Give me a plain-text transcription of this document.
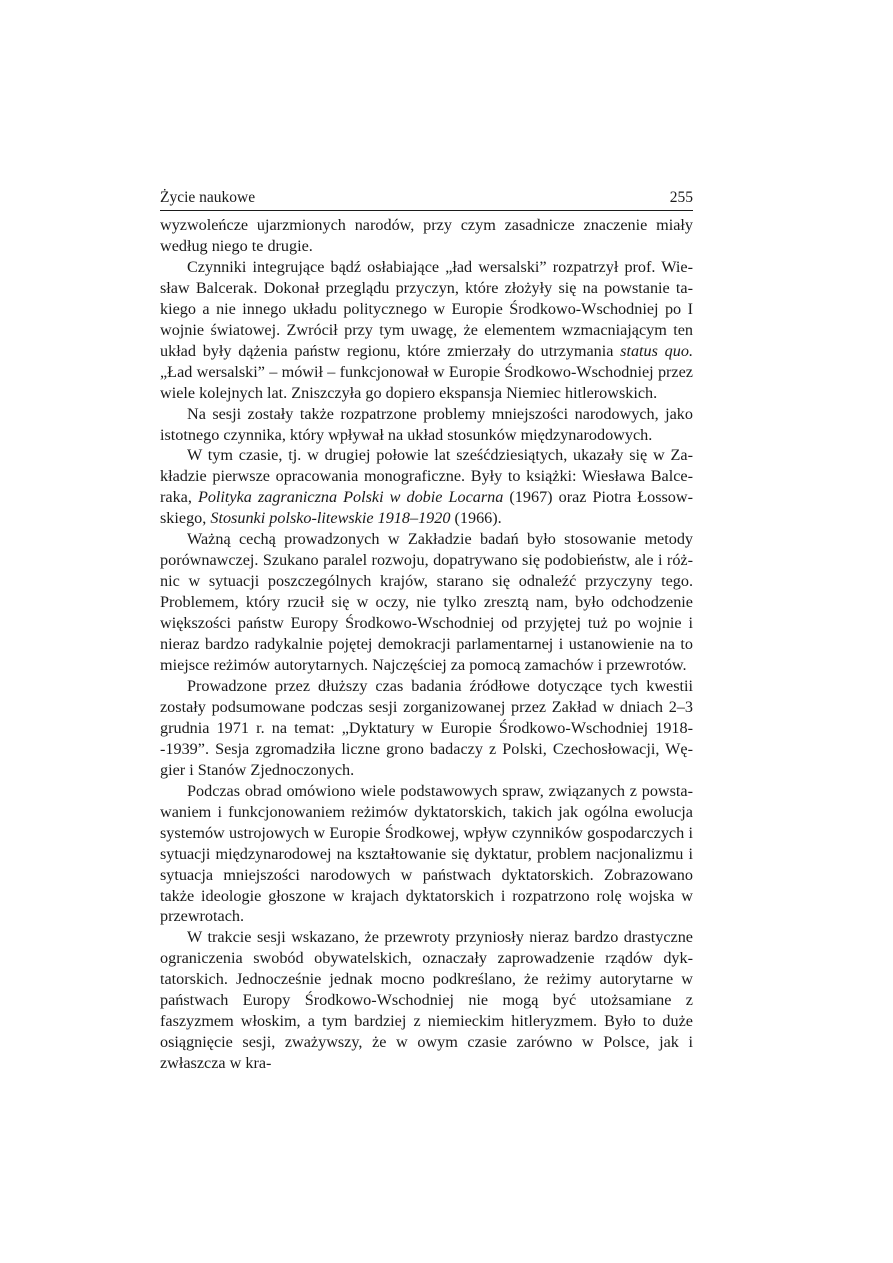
Życie naukowe	255

wyzwoleńcze ujarzmionych narodów, przy czym zasadnicze znaczenie miały według niego te drugie.

Czynniki integrujące bądź osłabiające „ład wersalski” rozpatrzył prof. Wiesław Balcerak. Dokonał przeglądu przyczyn, które złożyły się na powstanie takiego a nie innego układu politycznego w Europie Środkowo-Wschodniej po I wojnie światowej. Zwrócił przy tym uwagę, że elementem wzmacniającym ten układ były dążenia państw regionu, które zmierzały do utrzymania status quo. „Ład wersalski” – mówił – funkcjonował w Europie Środkowo-Wschodniej przez wiele kolejnych lat. Zniszczyła go dopiero ekspansja Niemiec hitlerowskich.

Na sesji zostały także rozpatrzone problemy mniejszości narodowych, jako istotnego czynnika, który wpływał na układ stosunków międzynarodowych.

W tym czasie, tj. w drugiej połowie lat sześćdziesiątych, ukazały się w Zakładzie pierwsze opracowania monograficzne. Były to książki: Wiesława Balceraka, Polityka zagraniczna Polski w dobie Locarna (1967) oraz Piotra Łossowskiego, Stosunki polsko-litewskie 1918–1920 (1966).

Ważną cechą prowadzonych w Zakładzie badań było stosowanie metody porównawczej. Szukano paralel rozwoju, dopatrywano się podobieństw, ale i różnic w sytuacji poszczególnych krajów, starano się odnaleźć przyczyny tego. Problemem, który rzucił się w oczy, nie tylko zresztą nam, było odchodzenie większości państw Europy Środkowo-Wschodniej od przyjętej tuż po wojnie i nieraz bardzo radykalnie pojętej demokracji parlamentarnej i ustanowienie na to miejsce reżimów autorytarnych. Najczęściej za pomocą zamachów i przewrotów.

Prowadzone przez dłuższy czas badania źródłowe dotyczące tych kwestii zostały podsumowane podczas sesji zorganizowanej przez Zakład w dniach 2–3 grudnia 1971 r. na temat: „Dyktatury w Europie Środkowo-Wschodniej 1918-​-1939”. Sesja zgromadziła liczne grono badaczy z Polski, Czechosłowacji, Węgier i Stanów Zjednoczonych.

Podczas obrad omówiono wiele podstawowych spraw, związanych z powstawaniem i funkcjonowaniem reżimów dyktatorskich, takich jak ogólna ewolucja systemów ustrojowych w Europie Środkowej, wpływ czynników gospodarczych i sytuacji międzynarodowej na kształtowanie się dyktatur, problem nacjonalizmu i sytuacja mniejszości narodowych w państwach dyktatorskich. Zobrazowano także ideologie głoszone w krajach dyktatorskich i rozpatrzono rolę wojska w przewrotach.

W trakcie sesji wskazano, że przewroty przyniosły nieraz bardzo drastyczne ograniczenia swobód obywatelskich, oznaczały zaprowadzenie rządów dyktatorskich. Jednocześnie jednak mocno podkreślano, że reżimy autorytarne w państwach Europy Środkowo-Wschodniej nie mogą być utożsamiane z faszyzmem włoskim, a tym bardziej z niemieckim hitleryzmem. Było to duże osiągnięcie sesji, zważywszy, że w owym czasie zarówno w Polsce, jak i zwłaszcza w kra-
